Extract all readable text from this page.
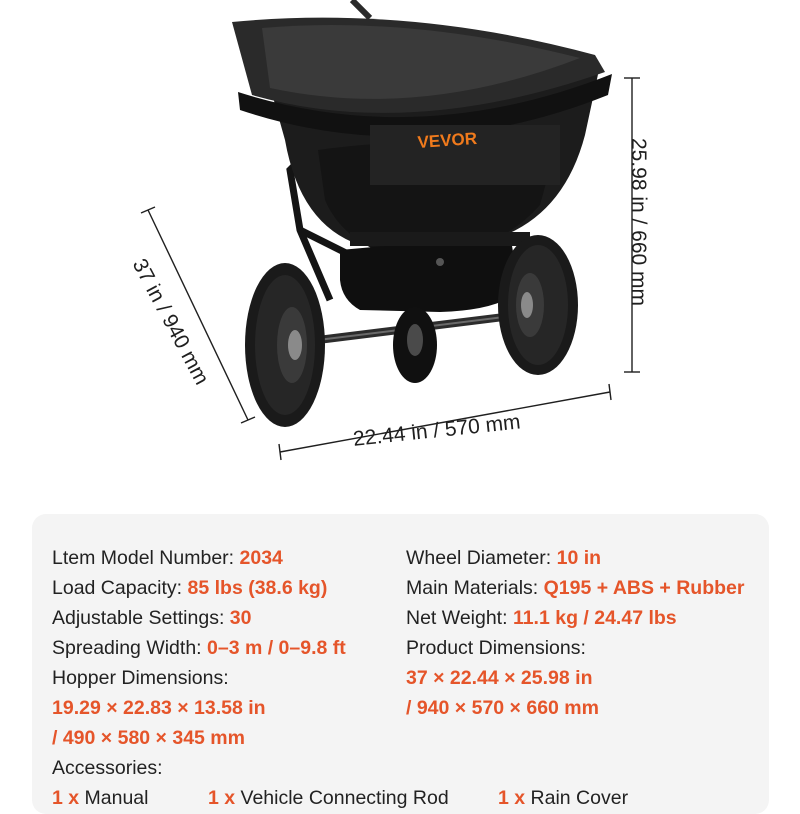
VEVOR
22.44 in / 570 mm
25.98 in / 660 mm
37 in / 940 mm
Ltem Model Number: 2034
Load Capacity: 85 lbs (38.6 kg)
Adjustable Settings: 30
Spreading Width: 0–3 m / 0–9.8 ft
Hopper Dimensions:
19.29 × 22.83 × 13.58 in
/ 490 × 580 × 345 mm
Wheel Diameter: 10 in
Main Materials: Q195 + ABS + Rubber
Net Weight: 11.1 kg / 24.47 lbs
Product Dimensions:
37 × 22.44 × 25.98 in
/ 940 × 570 × 660 mm
Accessories:
1 x Manual	1 x Vehicle Connecting Rod	1 x Rain Cover
